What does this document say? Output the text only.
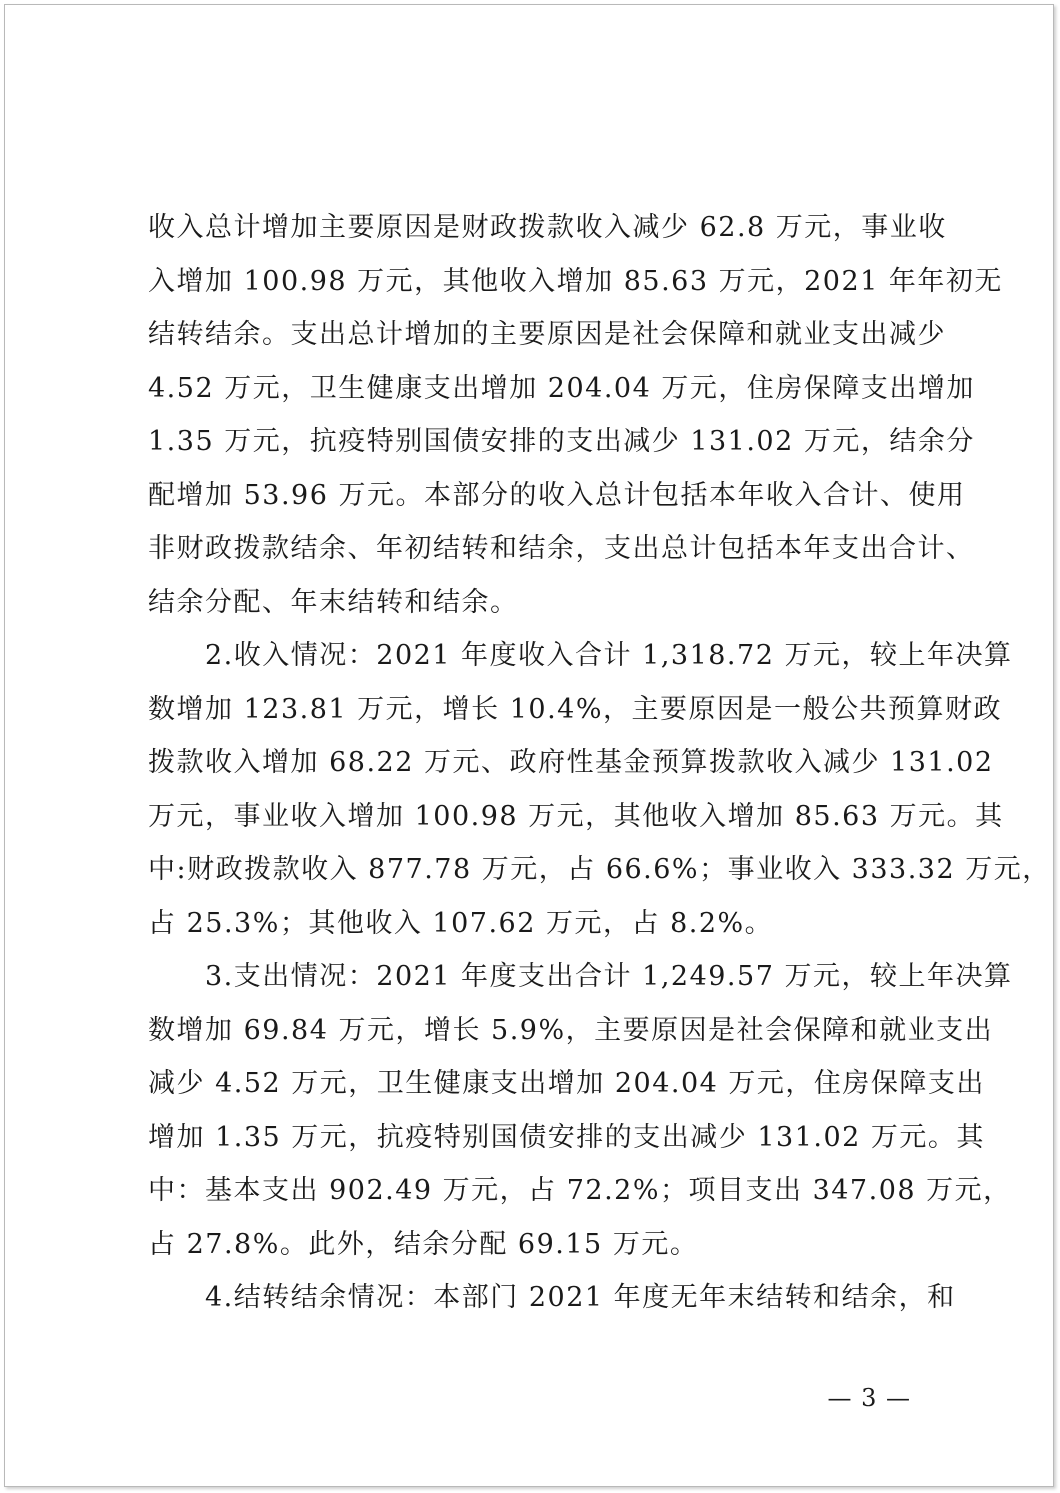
收入总计增加主要原因是财政拨款收入减少 62.8 万元，事业收
入增加 100.98 万元，其他收入增加 85.63 万元，2021 年年初无
结转结余。支出总计增加的主要原因是社会保障和就业支出减少
4.52 万元，卫生健康支出增加 204.04 万元，住房保障支出增加
1.35 万元，抗疫特别国债安排的支出减少 131.02 万元，结余分
配增加 53.96 万元。本部分的收入总计包括本年收入合计、使用
非财政拨款结余、年初结转和结余，支出总计包括本年支出合计、
结余分配、年末结转和结余。
2.收入情况：2021 年度收入合计 1,318.72 万元，较上年决算
数增加 123.81 万元，增长 10.4%，主要原因是一般公共预算财政
拨款收入增加 68.22 万元、政府性基金预算拨款收入减少 131.02
万元，事业收入增加 100.98 万元，其他收入增加 85.63 万元。其
中:财政拨款收入 877.78 万元，占 66.6%；事业收入 333.32 万元，
占 25.3%；其他收入 107.62 万元，占 8.2%。
3.支出情况：2021 年度支出合计 1,249.57 万元，较上年决算
数增加 69.84 万元，增长 5.9%，主要原因是社会保障和就业支出
减少 4.52 万元，卫生健康支出增加 204.04 万元，住房保障支出
增加 1.35 万元，抗疫特别国债安排的支出减少 131.02 万元。其
中：基本支出 902.49 万元，占 72.2%；项目支出 347.08 万元，
占 27.8%。此外，结余分配 69.15 万元。
4.结转结余情况：本部门 2021 年度无年末结转和结余，和
— 3 —
